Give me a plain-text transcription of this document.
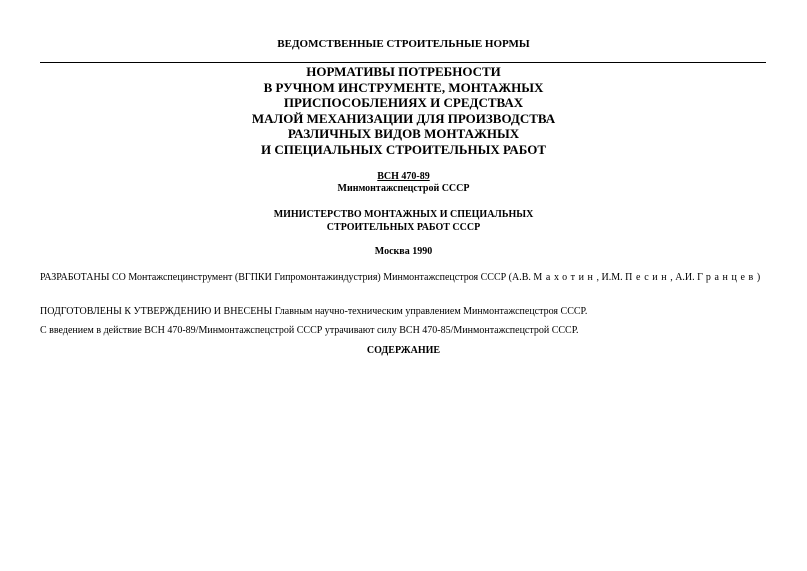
ВЕДОМСТВЕННЫЕ СТРОИТЕЛЬНЫЕ НОРМЫ
НОРМАТИВЫ ПОТРЕБНОСТИ
В РУЧНОМ ИНСТРУМЕНТЕ, МОНТАЖНЫХ
ПРИСПОСОБЛЕНИЯХ И СРЕДСТВАХ
МАЛОЙ МЕХАНИЗАЦИИ ДЛЯ ПРОИЗВОДСТВА
РАЗЛИЧНЫХ ВИДОВ МОНТАЖНЫХ
И СПЕЦИАЛЬНЫХ СТРОИТЕЛЬНЫХ РАБОТ
ВСН 470-89
Минмонтажспецстрой СССР
МИНИСТЕРСТВО МОНТАЖНЫХ И СПЕЦИАЛЬНЫХ
СТРОИТЕЛЬНЫХ РАБОТ СССР
Москва 1990
РАЗРАБОТАНЫ СО Монтажспецинструмент (ВГПКИ Гипромонтажиндустрия) Минмонтажспецстроя СССР (А.В. Махотин, И.М. Песин, А.И. Гранцев)
ПОДГОТОВЛЕНЫ К УТВЕРЖДЕНИЮ И ВНЕСЕНЫ Главным научно-техническим управлением Минмонтажспецстроя СССР.
С введением в действие ВСН 470-89/Минмонтажспецстрой СССР утрачивают силу ВСН 470-85/Минмонтажспецстрой СССР.
СОДЕРЖАНИЕ
